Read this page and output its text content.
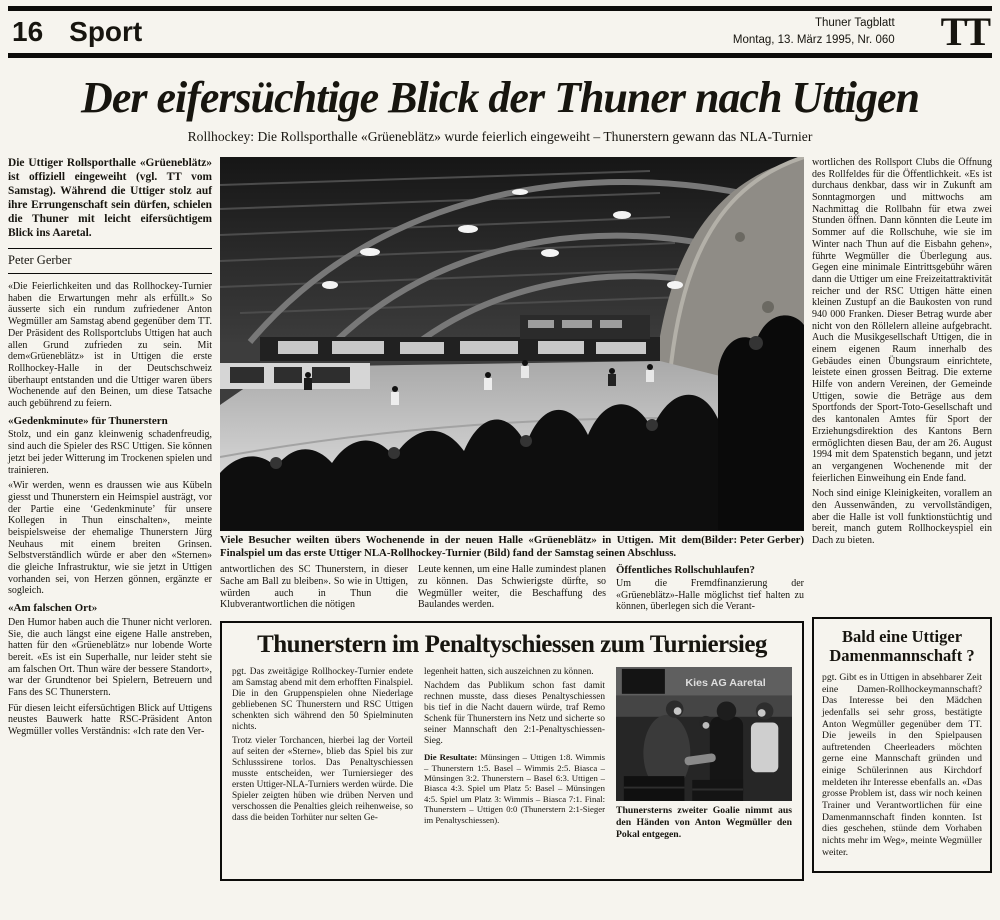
16 Sport	Thuner Tagblatt
Montag, 13. März 1995, Nr. 060 TT
Der eifersüchtige Blick der Thuner nach Uttigen
Rollhockey: Die Rollsporthalle «Grüeneblätz» wurde feierlich eingeweiht – Thunerstern gewann das NLA-Turnier

Die Uttiger Rollsporthalle «Grüeneblätz» ist offiziell eingeweiht (vgl. TT vom Samstag). Während die Uttiger stolz auf ihre Errungenschaft sein dürfen, schielen die Thuner mit leicht eifersüchtigem Blick ins Aaretal.

Peter Gerber

«Die Feierlichkeiten und das Rollhockey-Turnier haben die Erwartungen mehr als erfüllt.» So äusserte sich ein rundum zufriedener Anton Wegmüller am Samstag abend gegenüber dem TT. Der Präsident des Rollsportclubs Uttigen hat auch allen Grund zufrieden zu sein. Mit dem«Grüeneblätz» ist in Uttigen die erste Rollhockey-Halle in der Deutschschweiz überhaupt entstanden und die Uttiger waren übers Wochenende auf den Beinen, um diese Tatsache auch gebührend zu feiern.

«Gedenkminute» für Thunerstern

Stolz, und ein ganz kleinwenig schadenfreudig, sind auch die Spieler des RSC Uttigen. Sie können jetzt bei jeder Witterung im Trockenen spielen und trainieren.

«Wir werden, wenn es draussen wie aus Kübeln giesst und Thunerstern ein Heimspiel austrägt, vor der Partie eine ‘Gedenkminute’ für unsere Kollegen in Thun einschalten», meinte beispielsweise der ehemalige Thunerstern Jürg Neuhaus mit einem breiten Grinsen. Selbstverständlich würde er aber den «Sternen» die gleiche Infrastruktur, wie sie jetzt in Uttigen vorhanden sei, von Herzen gönnen, ergänzte er sogleich.

«Am falschen Ort»

Den Humor haben auch die Thuner nicht verloren. Sie, die auch längst eine eigene Halle anstreben, hatten für den «Grüeneblätz» nur lobende Worte bereit. «Es ist ein Superhalle, nur leider steht sie am falschen Ort. Thun wäre der bessere Standort», war der Grundtenor bei Spielern, Betreuern und Fans des SC Thunerstern.

Für diesen leicht eifersüchtigen Blick auf Uttigens neustes Bauwerk hatte RSC-Präsident Anton Wegmüller volles Verständnis: «Ich rate den Ver-

(Bilder: Peter Gerber)
Viele Besucher weilten übers Wochenende in der neuen Halle «Grüeneblätz» in Uttigen. Mit dem Finalspiel um das erste Uttiger NLA-Rollhockey-Turnier (Bild) fand der Samstag seinen Abschluss.

antwortlichen des SC Thunerstern, in dieser Sache am Ball zu bleiben». So wie in Uttigen, würden auch in Thun die Klubverantwortlichen die nötigen

Leute kennen, um eine Halle zumindest planen zu können. Das Schwierigste dürfte, so Wegmüller weiter, die Beschaffung des Baulandes werden.

Öffentliches Rollschuhlaufen?

Um die Fremdfinanzierung der «Grüeneblätz»-Halle möglichst tief halten zu können, überlegen sich die Verant-

Thunerstern im Penaltyschiessen zum Turniersieg

pgt. Das zweitägige Rollhockey-Turnier endete am Samstag abend mit dem erhofften Finalspiel. Die in den Gruppenspielen ohne Niederlage gebliebenen SC Thunerstern und RSC Uttigen schenkten sich während den 50 Spielminuten nichts.

Trotz vieler Torchancen, hierbei lag der Vorteil auf seiten der «Sterne», blieb das Spiel bis zur Schlusssirene torlos. Das Penaltyschiessen musste entscheiden, wer Turniersieger des ersten Uttiger-NLA-Turniers werden würde. Die Spieler zeigten hüben wie drüben Nerven und verschossen die Penalties gleich reihenweise, so dass die beiden Torhüter nur selten Ge-

legenheit hatten, sich auszeichnen zu können.

Nachdem das Publikum schon fast damit rechnen musste, dass dieses Penaltyschiessen bis tief in die Nacht dauern würde, traf Remo Schenk für Thunerstern ins Netz und sicherte so seiner Mannschaft den 2:1-Penaltyschiessen-Sieg.

Die Resultate: Münsingen – Uttigen 1:8. Wimmis – Thunerstern 1:5. Basel – Wimmis 2:5. Biasca – Münsingen 3:2. Thunerstern – Basel 6:3. Uttigen – Biasca 4:3. Spiel um Platz 5: Basel – Münsingen 4:5. Spiel um Platz 3: Wimmis – Biasca 7:1. Final: Thunerstern – Uttigen 0:0 (Thunerstern 2:1-Sieger im Penaltyschiessen).

Kies AG Aaretal
Thunersterns zweiter Goalie nimmt aus den Händen von Anton Wegmüller den Pokal entgegen.

wortlichen des Rollsport Clubs die Öffnung des Rollfeldes für die Öffentlichkeit. «Es ist durchaus denkbar, dass wir in Zukunft am Sonntagmorgen und mittwochs am Nachmittag die Rollbahn für etwa zwei Stunden öffnen. Dann könnten die Leute im Sommer auf die Rollschuhe, wie sie im Winter nach Thun auf die Eisbahn gehen», führte Wegmüller die Überlegung aus. Gegen eine minimale Eintrittsgebühr wären dann die Uttiger um eine Freizeitattraktivität reicher und der RSC Uttigen hätte einen kleinen Zustupf an die Baukosten von rund 940 000 Franken. Dieser Betrag wurde aber nicht von den Röllelern alleine aufgebracht. Auch die Musikgesellschaft Uttigen, die in einem eigenen Raum innerhalb des Gebäudes einen Übungsraum einrichtete, leistete einen grossen Beitrag. Die externe Hilfe von andern Vereinen, der Gemeinde Uttigen, sowie die Beträge aus dem Sportfonds der Sport-Toto-Gesellschaft und des kantonalen Amtes für Sport der Erziehungsdirektion des Kantons Bern ermöglichten diesen Bau, der am 26. August 1994 mit dem Spatenstich begann, und jetzt an vergangenen Wochenende mit der feierlichen Einweihung ein Ende fand.

Noch sind einige Kleinigkeiten, vorallem an den Aussenwänden, zu vervollständigen, aber die Halle ist voll funktionstüchtig und bereit, manch gutem Rollhockeyspiel ein Dach zu bieten.

Bald eine Uttiger
Damenmannschaft ?

pgt. Gibt es in Uttigen in absehbarer Zeit eine Damen-Rollhockeymannschaft? Das Interesse bei den Mädchen jedenfalls sei sehr gross, bestätigte Anton Wegmüller gegenüber dem TT. Die jeweils in den Spielpausen auftretenden Cheerleaders möchten gerne eine Mannschaft gründen und einige Schülerinnen aus Kirchdorf meldeten ihr Interesse ebenfalls an. «Das grosse Problem ist, dass wir noch keinen Trainer und Verantwortlichen für eine Damenmannschaft finden konnten. Ist dies geschehen, stünde dem Vorhaben nichts mehr im Weg», meinte Wegmüller weiter.
